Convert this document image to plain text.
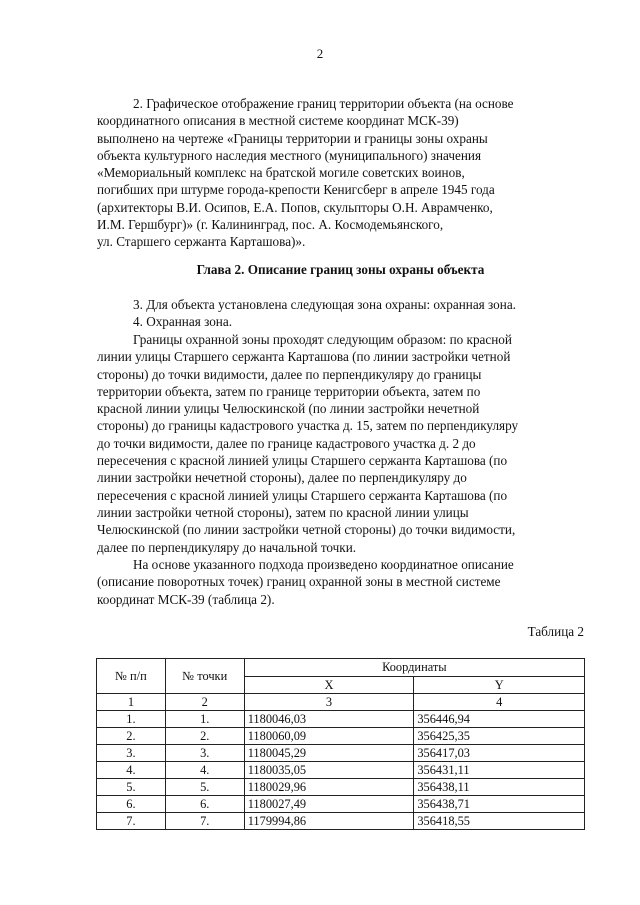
2

2. Графическое отображение границ территории объекта (на основе
координатного описания в местной системе координат МСК-39)
выполнено на чертеже «Границы территории и границы зоны охраны
объекта культурного наследия местного (муниципального) значения
«Мемориальный комплекс на братской могиле советских воинов,
погибших при штурме города-крепости Кенигсберг в апреле 1945 года
(архитекторы В.И. Осипов, Е.А. Попов, скульпторы О.Н. Аврамченко,
И.М. Гершбург)» (г. Калининград, пос. А. Космодемьянского,
ул. Старшего сержанта Карташова)».

Глава 2. Описание границ зоны охраны объекта

3. Для объекта установлена следующая зона охраны: охранная зона.
4. Охранная зона.

Границы охранной зоны проходят следующим образом: по красной
линии улицы Старшего сержанта Карташова (по линии застройки четной
стороны) до точки видимости, далее по перпендикуляру до границы
территории объекта, затем по границе территории объекта, затем по
красной линии улицы Челюскинской (по линии застройки нечетной
стороны) до границы кадастрового участка д. 15, затем по перпендикуляру
до точки видимости, далее по границе кадастрового участка д. 2 до
пересечения с красной линией улицы Старшего сержанта Карташова (по
линии застройки нечетной стороны), далее по перпендикуляру до
пересечения с красной линией улицы Старшего сержанта Карташова (по
линии застройки четной стороны), затем по красной линии улицы
Челюскинской (по линии застройки четной стороны) до точки видимости,
далее по перпендикуляру до начальной точки.

На основе указанного подхода произведено координатное описание
(описание поворотных точек) границ охранной зоны в местной системе
координат МСК-39 (таблица 2).

Таблица 2
№ п/п	№ точки	Координаты	
		X	Y
1	2	3	4
1.	1.	1180046,03	356446,94
2.	2.	1180060,09	356425,35
3.	3.	1180045,29	356417,03
4.	4.	1180035,05	356431,11
5.	5.	1180029,96	356438,11
6.	6.	1180027,49	356438,71
7.	7.	1179994,86	356418,55
